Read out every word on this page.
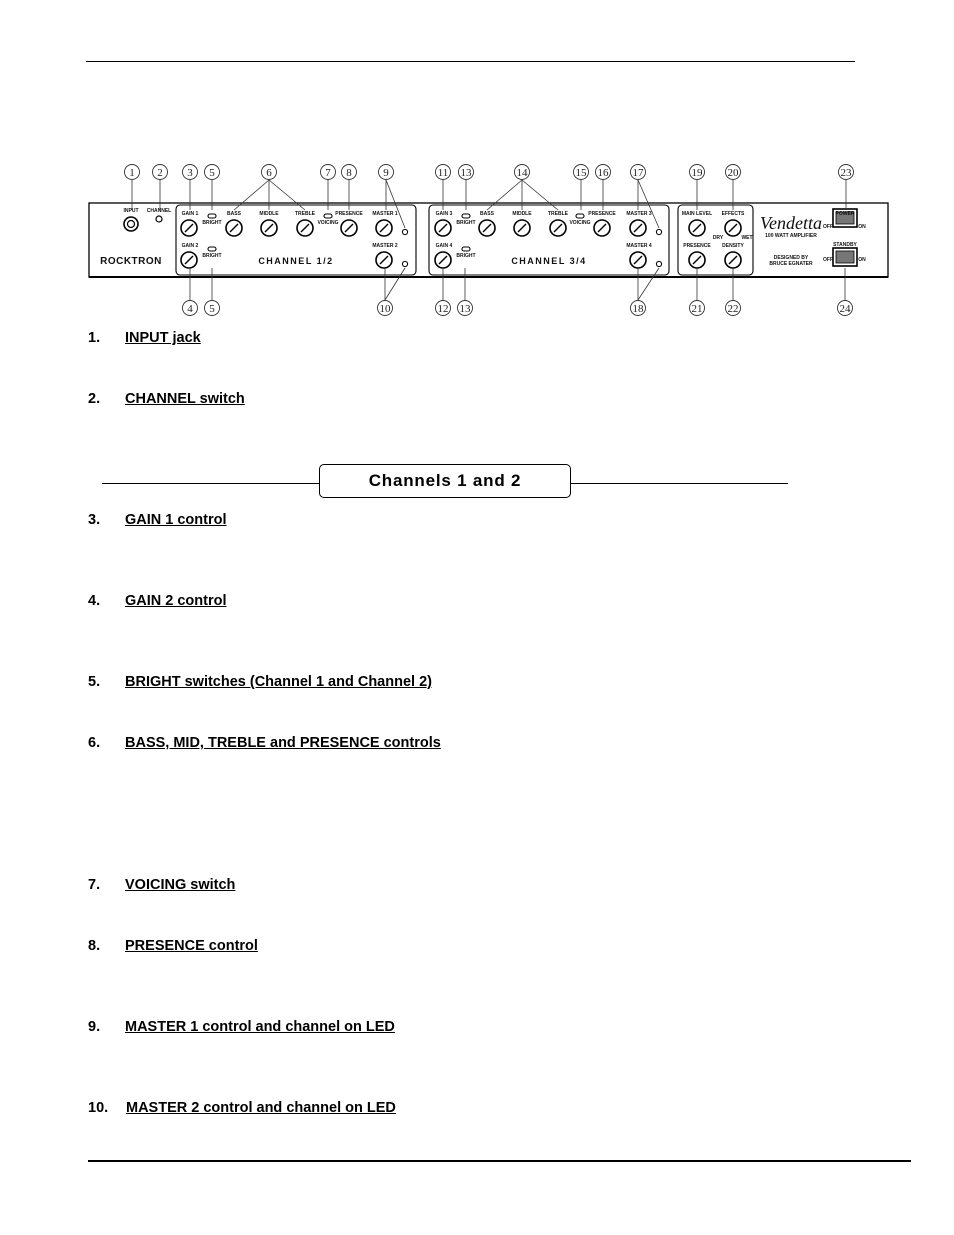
INPUT CHANNEL GAIN 1
GAIN 2
BRIGHT
BRIGHT
BASS	MIDDLE	TREBLE
VOICING
PRESENCE MASTER 1
MASTER 2
GAIN 3
GAIN 4
BRIGHT
BRIGHT
BASS	MIDDLE	TREBLE
VOICING
PRESENCE MASTER 3
MASTER 4
MAIN LEVEL EFFECTS
DRY	WET
PRESENCE DENSITY
POWER
STANDBY
OFF	ON
OFF	ON
ROCKTRON	CHANNEL 1/2	CHANNEL 3/4
Vendetta
100 WATT AMPLIFIER
DESIGNED BY
BRUCE EGNATER
1 2 3 5	6	7 8	9	11 13	14	15 16 17	19 20	23
4 5	10	12 13	18	21 22	24
1. INPUT jack
2. CHANNEL switch
Channels 1 and 2
3. GAIN 1 control
4. GAIN 2 control
5. BRIGHT switches (Channel 1 and Channel 2)
6. BASS, MID, TREBLE and PRESENCE controls
7. VOICING switch
8. PRESENCE control
9. MASTER 1 control and channel on LED
10. MASTER 2 control and channel on LED
